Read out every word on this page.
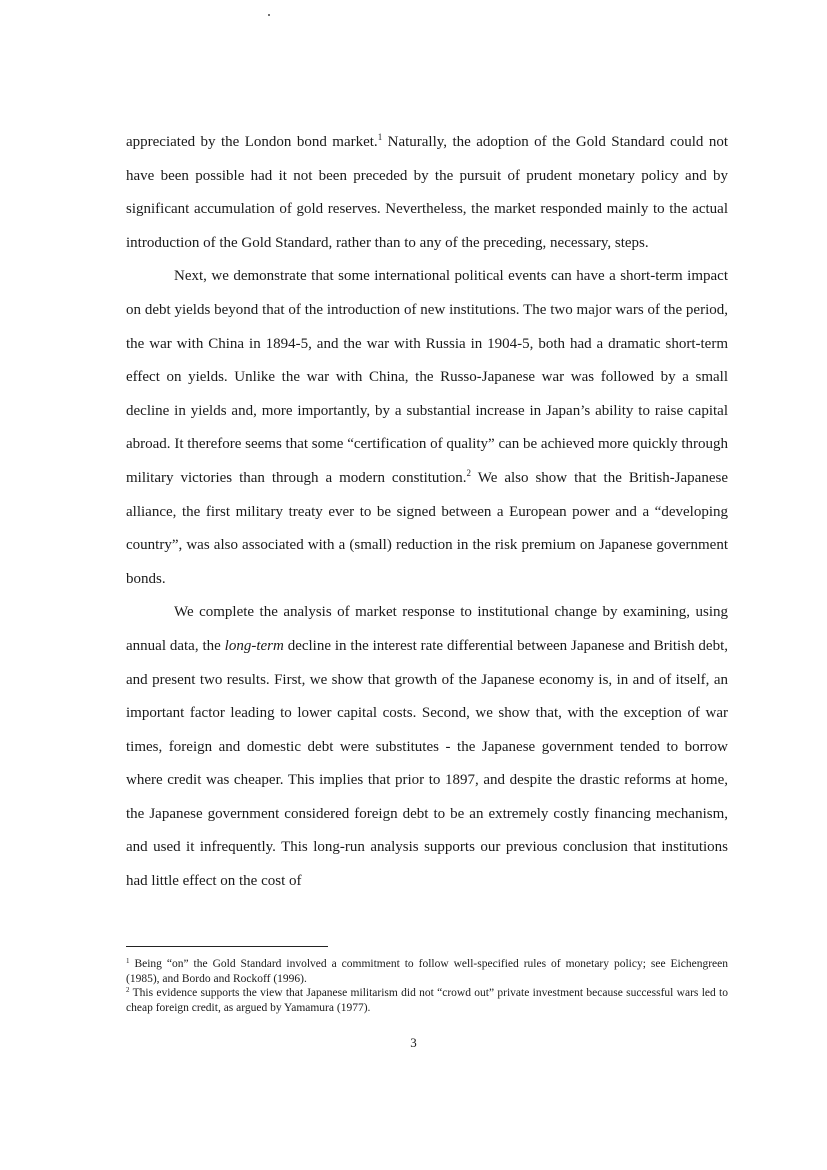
appreciated by the London bond market.$^1$ Naturally, the adoption of the Gold Standard could not have been possible had it not been preceded by the pursuit of prudent monetary policy and by significant accumulation of gold reserves. Nevertheless, the market responded mainly to the actual introduction of the Gold Standard, rather than to any of the preceding, necessary, steps.

Next, we demonstrate that some international political events can have a short-term impact on debt yields beyond that of the introduction of new institutions. The two major wars of the period, the war with China in 1894-5, and the war with Russia in 1904-5, both had a dramatic short-term effect on yields. Unlike the war with China, the Russo-Japanese war was followed by a small decline in yields and, more importantly, by a substantial increase in Japan’s ability to raise capital abroad. It therefore seems that some “certification of quality” can be achieved more quickly through military victories than through a modern constitution.$^2$ We also show that the British-Japanese alliance, the first military treaty ever to be signed between a European power and a “developing country”, was also associated with a (small) reduction in the risk premium on Japanese government bonds.

We complete the analysis of market response to institutional change by examining, using annual data, the long-term decline in the interest rate differential between Japanese and British debt, and present two results. First, we show that growth of the Japanese economy is, in and of itself, an important factor leading to lower capital costs. Second, we show that, with the exception of war times, foreign and domestic debt were substitutes - the Japanese government tended to borrow where credit was cheaper. This implies that prior to 1897, and despite the drastic reforms at home, the Japanese government considered foreign debt to be an extremely costly financing mechanism, and used it infrequently. This long-run analysis supports our previous conclusion that institutions had little effect on the cost of

$^1$ Being “on” the Gold Standard involved a commitment to follow well-specified rules of monetary policy; see Eichengreen (1985), and Bordo and Rockoff (1996).

$^2$ This evidence supports the view that Japanese militarism did not “crowd out” private investment because successful wars led to cheap foreign credit, as argued by Yamamura (1977).

3
